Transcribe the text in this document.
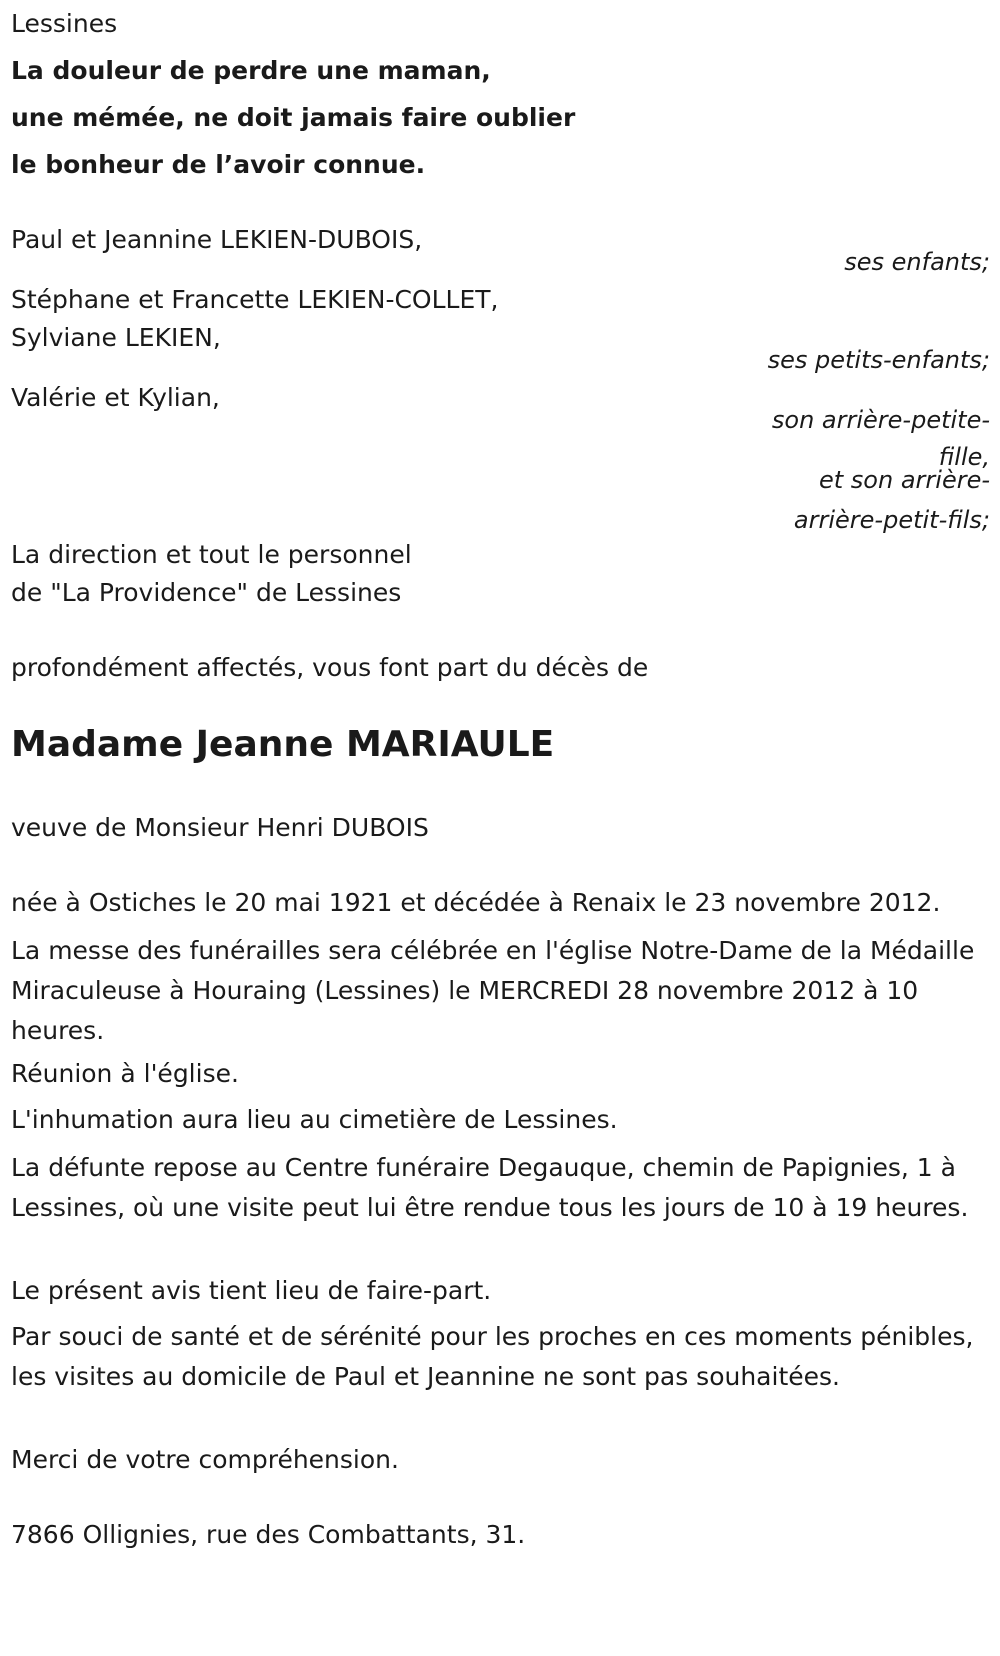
Lessines
La douleur de perdre une maman,
une mémée, ne doit jamais faire oublier
le bonheur de l’avoir connue.
Paul et Jeannine LEKIEN-DUBOIS,
ses enfants;
Stéphane et Francette LEKIEN-COLLET,
Sylviane LEKIEN,
ses petits-enfants;
Valérie et Kylian,
son arrière-petite-
fille,
et son arrière-
arrière-petit-fils;
La direction et tout le personnel
de "La Providence" de Lessines
profondément affectés, vous font part du décès de
Madame Jeanne MARIAULE
veuve de Monsieur Henri DUBOIS
née à Ostiches le 20 mai 1921 et décédée à Renaix le 23 novembre 2012.
La messe des funérailles sera célébrée en l'église Notre-Dame de la Médaille Miraculeuse à Houraing (Lessines) le MERCREDI 28 novembre 2012 à 10 heures.
Réunion à l'église.
L'inhumation aura lieu au cimetière de Lessines.
La défunte repose au Centre funéraire Degauque, chemin de Papignies, 1 à Lessines, où une visite peut lui être rendue tous les jours de 10 à 19 heures.
Le présent avis tient lieu de faire-part.
Par souci de santé et de sérénité pour les proches en ces moments pénibles, les visites au domicile de Paul et Jeannine ne sont pas souhaitées.
Merci de votre compréhension.
7866 Ollignies, rue des Combattants, 31.
